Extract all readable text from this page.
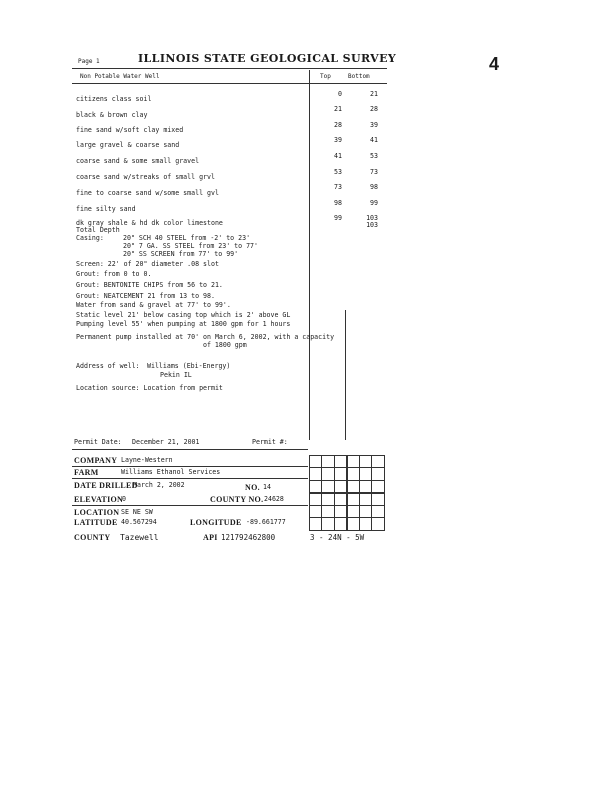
4
Page 1	ILLINOIS STATE GEOLOGICAL SURVEY
Non Potable Water Well	Top	Bottom
citizens class soil
0	21
black & brown clay
21	28
fine sand w/soft clay mixed
28	39
large gravel & coarse sand
39	41
coarse sand & some small gravel
41	53
coarse sand w/streaks of small grvl
53	73
fine to coarse sand w/some small gvl
73	98
fine silty sand
98	99
dk gray shale & hd dk color limestone
99	103
Total Depth
103
Casing:	20" SCH 40 STEEL from -2' to 23'
20" 7 GA. SS STEEL from 23' to 77'
20" SS SCREEN from 77' to 99'
Screen: 22' of 20" diameter .08 slot
Grout: from 0 to 0.
Grout: BENTONITE CHIPS from 56 to 21.
Grout: NEATCEMENT 21 from 13 to 98.
Water from sand & gravel at 77' to 99'.
Static level 21' below casing top which is 2' above GL
Pumping level 55' when pumping at 1800 gpm for 1 hours
Permanent pump installed at 70' on March 6, 2002, with a capacity
of 1800 gpm
Address of well: Williams (Ebi-Energy)
Pekin IL
Location source: Location from permit
Permit Date: December 21, 2001	Permit #:
COMPANY Layne-Western
FARM	Williams Ethanol Services
DATE DRILLED
March 2, 2002	NO. 14
ELEVATION
0	COUNTY NO. 24628
LOCATION SE NE SW
LATITUDE 40.567294	LONGITUDE -89.661777
COUNTY Tazewell	API 121792462800	3 - 24N - 5W
